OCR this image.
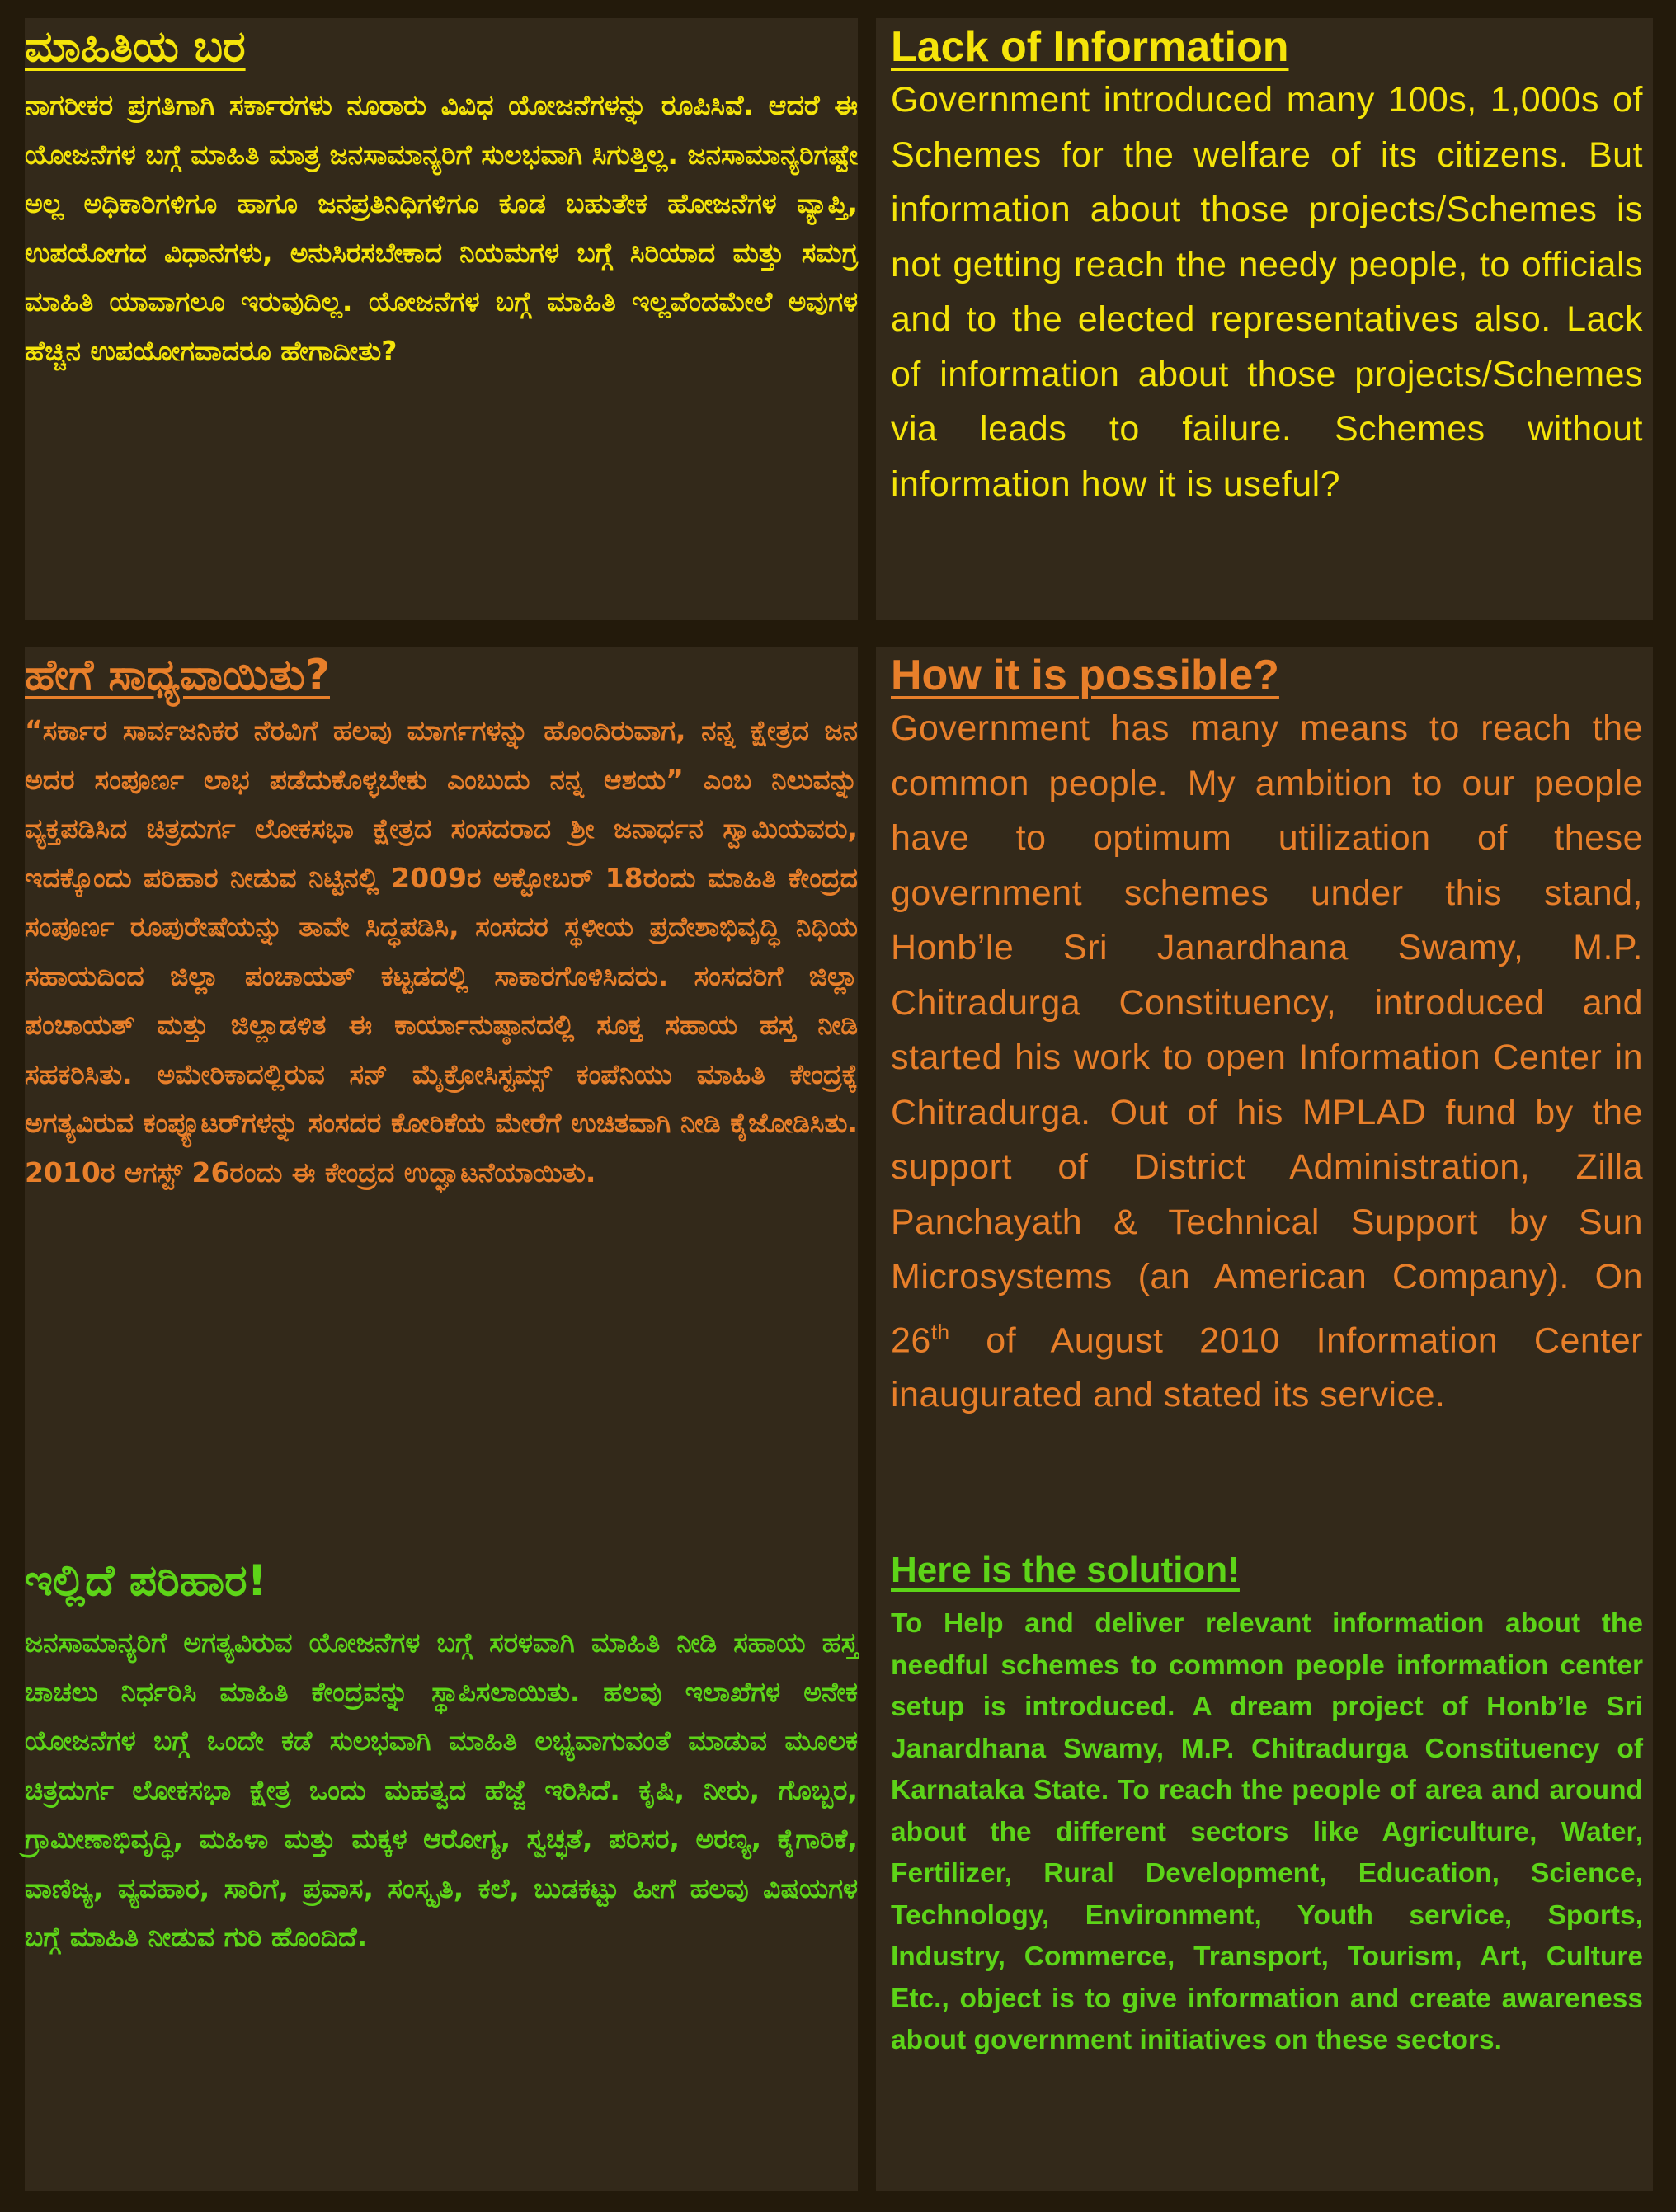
ಮಾಹಿತಿಯ ಬರ

ನಾಗರೀಕರ ಪ್ರಗತಿಗಾಗಿ ಸರ್ಕಾರಗಳು ನೂರಾರು ವಿವಿಧ ಯೋಜನೆಗಳನ್ನು ರೂಪಿಸಿವೆ. ಆದರೆ ಈ ಯೋಜನೆಗಳ ಬಗ್ಗೆ ಮಾಹಿತಿ ಮಾತ್ರ ಜನಸಾಮಾನ್ಯರಿಗೆ ಸುಲಭವಾಗಿ ಸಿಗುತ್ತಿಲ್ಲ. ಜನಸಾಮಾನ್ಯರಿಗಷ್ಟೇ ಅಲ್ಲ ಅಧಿಕಾರಿಗಳಿಗೂ ಹಾಗೂ ಜನಪ್ರತಿನಿಧಿಗಳಿಗೂ ಕೂಡ ಬಹುತೇಕ ಹೋಜನೆಗಳ ವ್ಯಾಪ್ತಿ, ಉಪಯೋಗದ ವಿಧಾನಗಳು, ಅನುಸಿರಸಬೇಕಾದ ನಿಯಮಗಳ ಬಗ್ಗೆ ಸಿರಿಯಾದ ಮತ್ತು ಸಮಗ್ರ ಮಾಹಿತಿ ಯಾವಾಗಲೂ ಇರುವುದಿಲ್ಲ. ಯೋಜನೆಗಳ ಬಗ್ಗೆ ಮಾಹಿತಿ ಇಲ್ಲವೆಂದಮೇಲೆ ಅವುಗಳ ಹೆಚ್ಚಿನ ಉಪಯೋಗವಾದರೂ ಹೇಗಾದೀತು?

Lack of Information

Government introduced many 100s, 1,000s of Schemes for the welfare of its citizens. But information about those projects/Schemes is not getting reach the needy people, to officials and to the elected representatives also. Lack of information about those projects/Schemes via leads to failure. Schemes without information how it is useful?

ಹೇಗೆ ಸಾಧ್ಯವಾಯಿತು?

“ಸರ್ಕಾರ ಸಾರ್ವಜನಿಕರ ನೆರವಿಗೆ ಹಲವು ಮಾರ್ಗಗಳನ್ನು ಹೊಂದಿರುವಾಗ, ನನ್ನ ಕ್ಷೇತ್ರದ ಜನ ಅದರ ಸಂಪೂರ್ಣ ಲಾಭ ಪಡೆದುಕೊಳ್ಳಬೇಕು ಎಂಬುದು ನನ್ನ ಆಶಯ” ಎಂಬ ನಿಲುವನ್ನು ವ್ಯಕ್ತಪಡಿಸಿದ ಚಿತ್ರದುರ್ಗ ಲೋಕಸಭಾ ಕ್ಷೇತ್ರದ ಸಂಸದರಾದ ಶ್ರೀ ಜನಾರ್ಧನ ಸ್ವಾಮಿಯವರು, ಇದಕ್ಕೊಂದು ಪರಿಹಾರ ನೀಡುವ ನಿಟ್ಟಿನಲ್ಲಿ 2009ರ ಅಕ್ಟೋಬರ್ 18ರಂದು ಮಾಹಿತಿ ಕೇಂದ್ರದ ಸಂಪೂರ್ಣ ರೂಪುರೇಷೆಯನ್ನು ತಾವೇ ಸಿದ್ಧಪಡಿಸಿ, ಸಂಸದರ ಸ್ಥಳೀಯ ಪ್ರದೇಶಾಭಿವೃದ್ಧಿ ನಿಧಿಯ ಸಹಾಯದಿಂದ ಜಿಲ್ಲಾ ಪಂಚಾಯತ್ ಕಟ್ಟಡದಲ್ಲಿ ಸಾಕಾರಗೊಳಿಸಿದರು. ಸಂಸದರಿಗೆ ಜಿಲ್ಲಾ ಪಂಚಾಯತ್ ಮತ್ತು ಜಿಲ್ಲಾಡಳಿತ ಈ ಕಾರ್ಯಾನುಷ್ಠಾನದಲ್ಲಿ ಸೂಕ್ತ ಸಹಾಯ ಹಸ್ತ ನೀಡಿ ಸಹಕರಿಸಿತು. ಅಮೇರಿಕಾದಲ್ಲಿರುವ ಸನ್ ಮೈಕ್ರೋಸಿಸ್ಟಮ್ಸ್ ಕಂಪೆನಿಯು ಮಾಹಿತಿ ಕೇಂದ್ರಕ್ಕೆ ಅಗತ್ಯವಿರುವ ಕಂಪ್ಯೂಟರ್‌ಗಳನ್ನು ಸಂಸದರ ಕೋರಿಕೆಯ ಮೇರೆಗೆ ಉಚಿತವಾಗಿ ನೀಡಿ ಕೈಜೋಡಿಸಿತು. 2010ರ ಆಗಸ್ಟ್ 26ರಂದು ಈ ಕೇಂದ್ರದ ಉದ್ಘಾಟನೆಯಾಯಿತು.

ಇಲ್ಲಿದೆ ಪರಿಹಾರ!

ಜನಸಾಮಾನ್ಯರಿಗೆ ಅಗತ್ಯವಿರುವ ಯೋಜನೆಗಳ ಬಗ್ಗೆ ಸರಳವಾಗಿ ಮಾಹಿತಿ ನೀಡಿ ಸಹಾಯ ಹಸ್ತ ಚಾಚಲು ನಿರ್ಧರಿಸಿ ಮಾಹಿತಿ ಕೇಂದ್ರವನ್ನು ಸ್ಥಾಪಿಸಲಾಯಿತು. ಹಲವು ಇಲಾಖೆಗಳ ಅನೇಕ ಯೋಜನೆಗಳ ಬಗ್ಗೆ ಒಂದೇ ಕಡೆ ಸುಲಭವಾಗಿ ಮಾಹಿತಿ ಲಭ್ಯವಾಗುವಂತೆ ಮಾಡುವ ಮೂಲಕ ಚಿತ್ರದುರ್ಗ ಲೋಕಸಭಾ ಕ್ಷೇತ್ರ ಒಂದು ಮಹತ್ವದ ಹೆಜ್ಜೆ ಇರಿಸಿದೆ. ಕೃಷಿ, ನೀರು, ಗೊಬ್ಬರ, ಗ್ರಾಮೀಣಾಭಿವೃದ್ಧಿ, ಮಹಿಳಾ ಮತ್ತು ಮಕ್ಕಳ ಆರೋಗ್ಯ, ಸ್ವಚ್ಛತೆ, ಪರಿಸರ, ಅರಣ್ಯ, ಕೈಗಾರಿಕೆ, ವಾಣಿಜ್ಯ, ವ್ಯವಹಾರ, ಸಾರಿಗೆ, ಪ್ರವಾಸ, ಸಂಸ್ಕೃತಿ, ಕಲೆ, ಬುಡಕಟ್ಟು ಹೀಗೆ ಹಲವು ವಿಷಯಗಳ ಬಗ್ಗೆ ಮಾಹಿತಿ ನೀಡುವ ಗುರಿ ಹೊಂದಿದೆ.

How it is possible?

Government has many means to reach the common people. My ambition to our people have to optimum utilization of these government schemes under this stand, Honb’le Sri Janardhana Swamy, M.P. Chitradurga Constituency, introduced and started his work to open Information Center in Chitradurga. Out of his MPLAD fund by the support of District Administration, Zilla Panchayath & Technical Support by Sun Microsystems (an American Company). On 26th of August 2010 Information Center inaugurated and stated its service.

Here is the solution!

To Help and deliver relevant information about the needful schemes to common people information center setup is introduced. A dream project of Honb’le Sri Janardhana Swamy, M.P. Chitradurga Constituency of Karnataka State. To reach the people of area and around about the different sectors like Agriculture, Water, Fertilizer, Rural Development, Education, Science, Technology, Environment, Youth service, Sports, Industry, Commerce, Transport, Tourism, Art, Culture Etc., object is to give information and create awareness about government initiatives on these sectors.
